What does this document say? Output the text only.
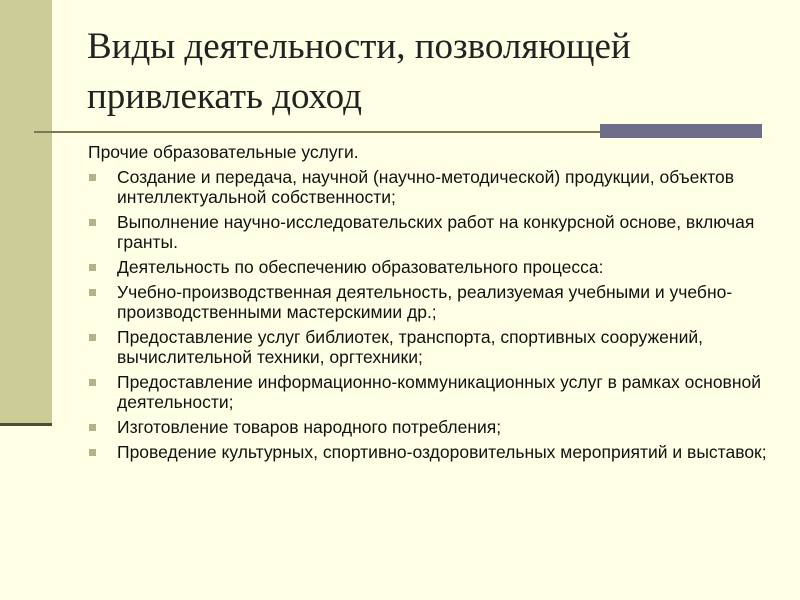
Виды деятельности, позволяющей привлекать доход

Прочие образовательные услуги.

Создание и передача, научной (научно-методической) продукции, объектов интеллектуальной собственности;
Выполнение научно-исследовательских работ на конкурсной основе, включая гранты.
Деятельность по обеспечению образовательного процесса:
Учебно-производственная деятельность, реализуемая учебными и учебно-производственными мастерскимии др.;
Предоставление услуг библиотек, транспорта, спортивных сооружений, вычислительной техники, оргтехники;
Предоставление информационно-коммуникационных услуг в рамках основной деятельности;
Изготовление товаров народного потребления;
Проведение культурных, спортивно-оздоровительных мероприятий и выставок;
